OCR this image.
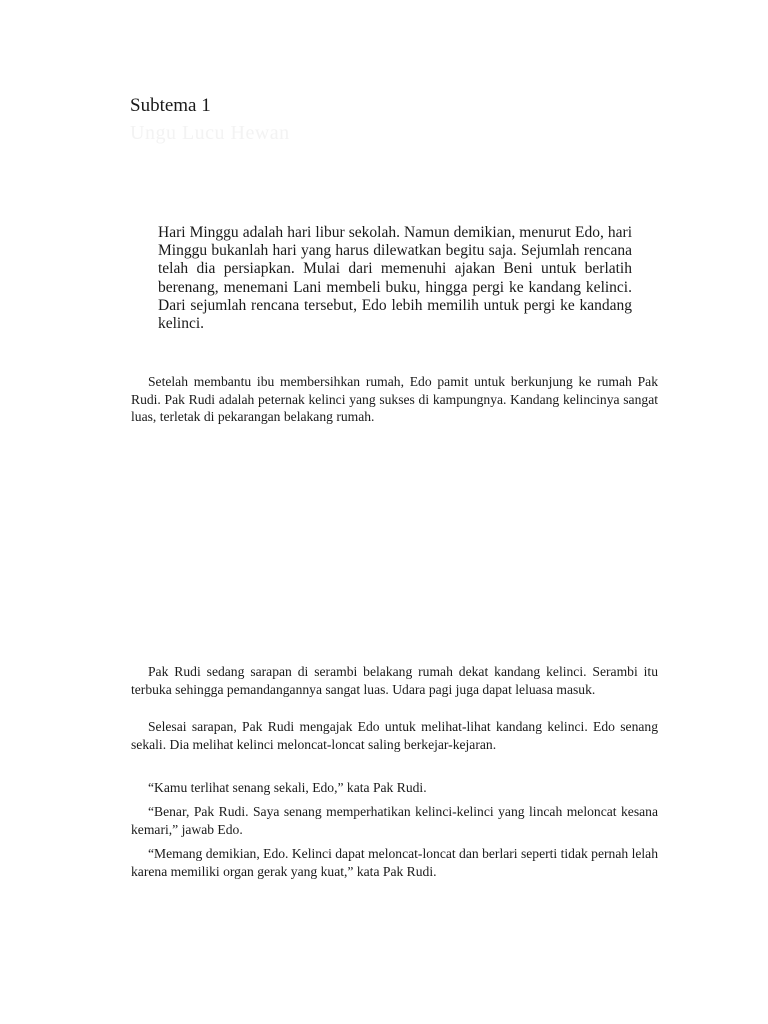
Subtema 1
Ungu Lucu Hewan

Hari Minggu adalah hari libur sekolah. Namun demikian, menurut Edo, hari Minggu bukanlah hari yang harus dilewatkan begitu saja. Sejumlah rencana telah dia persiapkan. Mulai dari memenuhi ajakan Beni untuk berlatih berenang, menemani Lani membeli buku, hingga pergi ke kandang kelinci. Dari sejumlah rencana tersebut, Edo lebih memilih untuk pergi ke kandang kelinci.

Setelah membantu ibu membersihkan rumah, Edo pamit untuk berkunjung ke rumah Pak Rudi. Pak Rudi adalah peternak kelinci yang sukses di kampungnya. Kandang kelincinya sangat luas, terletak di pekarangan belakang rumah.

Pak Rudi sedang sarapan di serambi belakang rumah dekat kandang kelinci. Serambi itu terbuka sehingga pemandangannya sangat luas. Udara pagi juga dapat leluasa masuk.

Selesai sarapan, Pak Rudi mengajak Edo untuk melihat-lihat kandang kelinci. Edo senang sekali. Dia melihat kelinci meloncat-loncat saling berkejar-kejaran.

“Kamu terlihat senang sekali, Edo,” kata Pak Rudi.

“Benar, Pak Rudi. Saya senang memperhatikan kelinci-kelinci yang lincah meloncat kesana kemari,” jawab Edo.

“Memang demikian, Edo. Kelinci dapat meloncat-loncat dan berlari seperti tidak pernah lelah karena memiliki organ gerak yang kuat,” kata Pak Rudi.
